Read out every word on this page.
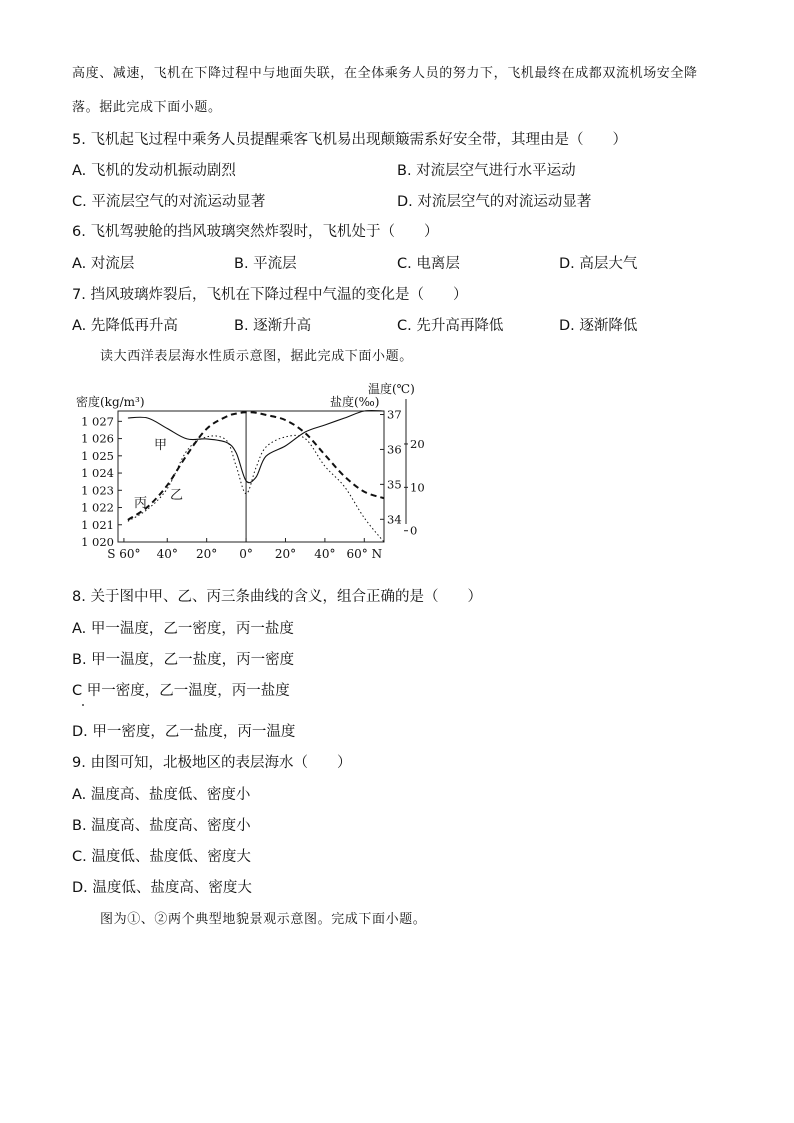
高度、减速，飞机在下降过程中与地面失联，在全体乘务人员的努力下，飞机最终在成都双流机场安全降
落。据此完成下面小题。
5. 飞机起飞过程中乘务人员提醒乘客飞机易出现颠簸需系好安全带，其理由是（　　）
A. 飞机的发动机振动剧烈	B. 对流层空气进行水平运动
C. 平流层空气的对流运动显著	D. 对流层空气的对流运动显著
6. 飞机驾驶舱的挡风玻璃突然炸裂时，飞机处于（　　）
A. 对流层	B. 平流层	C. 电离层	D. 高层大气
7. 挡风玻璃炸裂后，飞机在下降过程中气温的变化是（　　）
A. 先降低再升高	B. 逐渐升高	C. 先升高再降低	D. 逐渐降低
读大西洋表层海水性质示意图，据此完成下面小题。
1 027
1 026
1 025
1 024
1 023
1 022
1 021
1 020
37
36
35
34
20
10
0
S 60° 40° 20° 0° 20° 40° 60° N
密度(kg/m³)	盐度(‰)
温度(℃)
甲
乙
丙
8. 关于图中甲、乙、丙三条曲线的含义，组合正确的是（　　）
A. 甲一温度，乙一密度，丙一盐度
B. 甲一温度，乙一盐度，丙一密度
C 甲一密度，乙一温度，丙一盐度
D. 甲一密度，乙一盐度，丙一温度
9. 由图可知，北极地区的表层海水（　　）
A. 温度高、盐度低、密度小
B. 温度高、盐度高、密度小
C. 温度低、盐度低、密度大
D. 温度低、盐度高、密度大
图为①、②两个典型地貌景观示意图。完成下面小题。
